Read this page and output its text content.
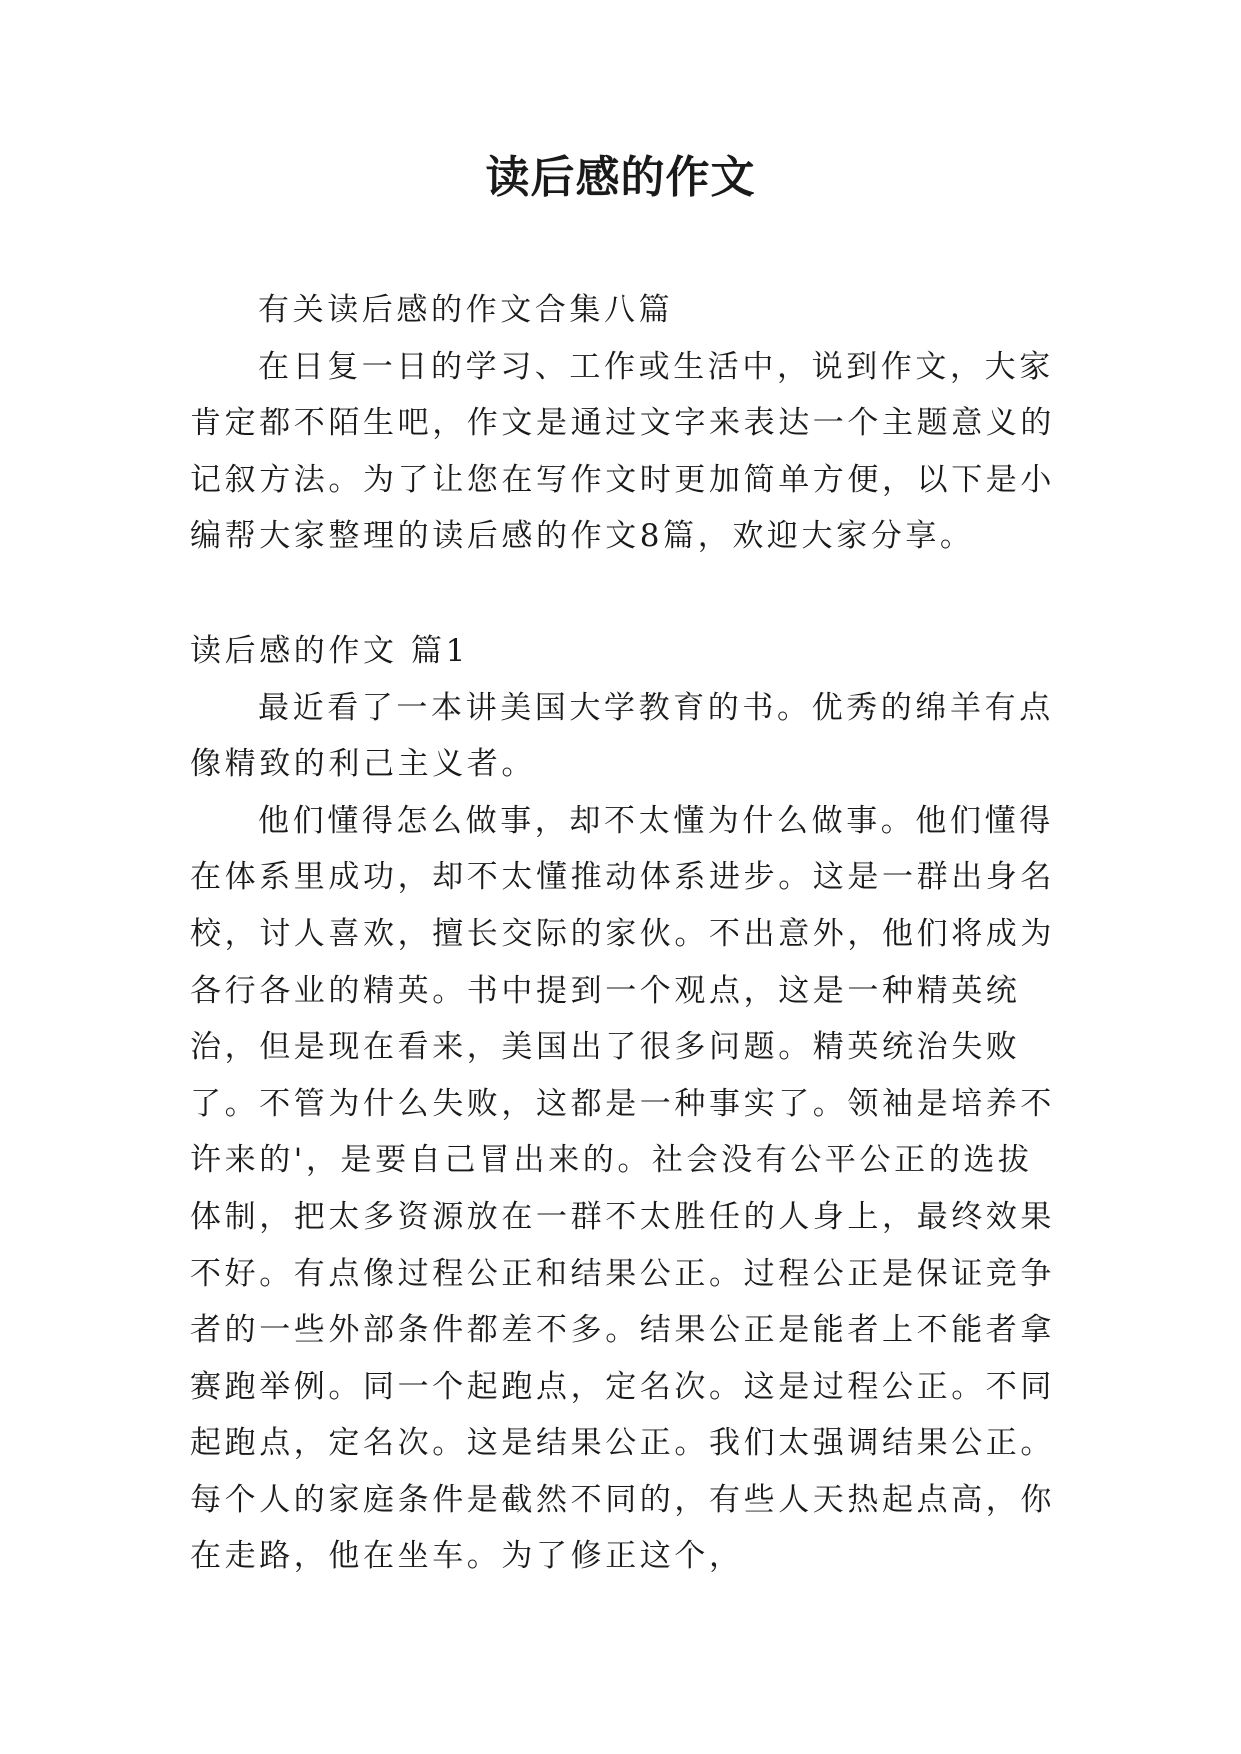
读后感的作文

有关读后感的作文合集八篇

在日复一日的学习、工作或生活中，说到作文，大家肯定都不陌生吧，作文是通过文字来表达一个主题意义的记叙方法。为了让您在写作文时更加简单方便，以下是小编帮大家整理的读后感的作文8篇，欢迎大家分享。

读后感的作文 篇1

最近看了一本讲美国大学教育的书。优秀的绵羊有点像精致的利己主义者。

他们懂得怎么做事，却不太懂为什么做事。他们懂得在体系里成功，却不太懂推动体系进步。这是一群出身名校，讨人喜欢，擅长交际的家伙。不出意外，他们将成为各行各业的精英。书中提到一个观点，这是一种精英统治，但是现在看来，美国出了很多问题。精英统治失败了。不管为什么失败，这都是一种事实了。领袖是培养不许来的'，是要自己冒出来的。社会没有公平公正的选拔体制，把太多资源放在一群不太胜任的人身上，最终效果不好。有点像过程公正和结果公正。过程公正是保证竞争者的一些外部条件都差不多。结果公正是能者上不能者拿赛跑举例。同一个起跑点，定名次。这是过程公正。不同起跑点，定名次。这是结果公正。我们太强调结果公正。每个人的家庭条件是截然不同的，有些人天热起点高，你在走路，他在坐车。为了修正这个，
